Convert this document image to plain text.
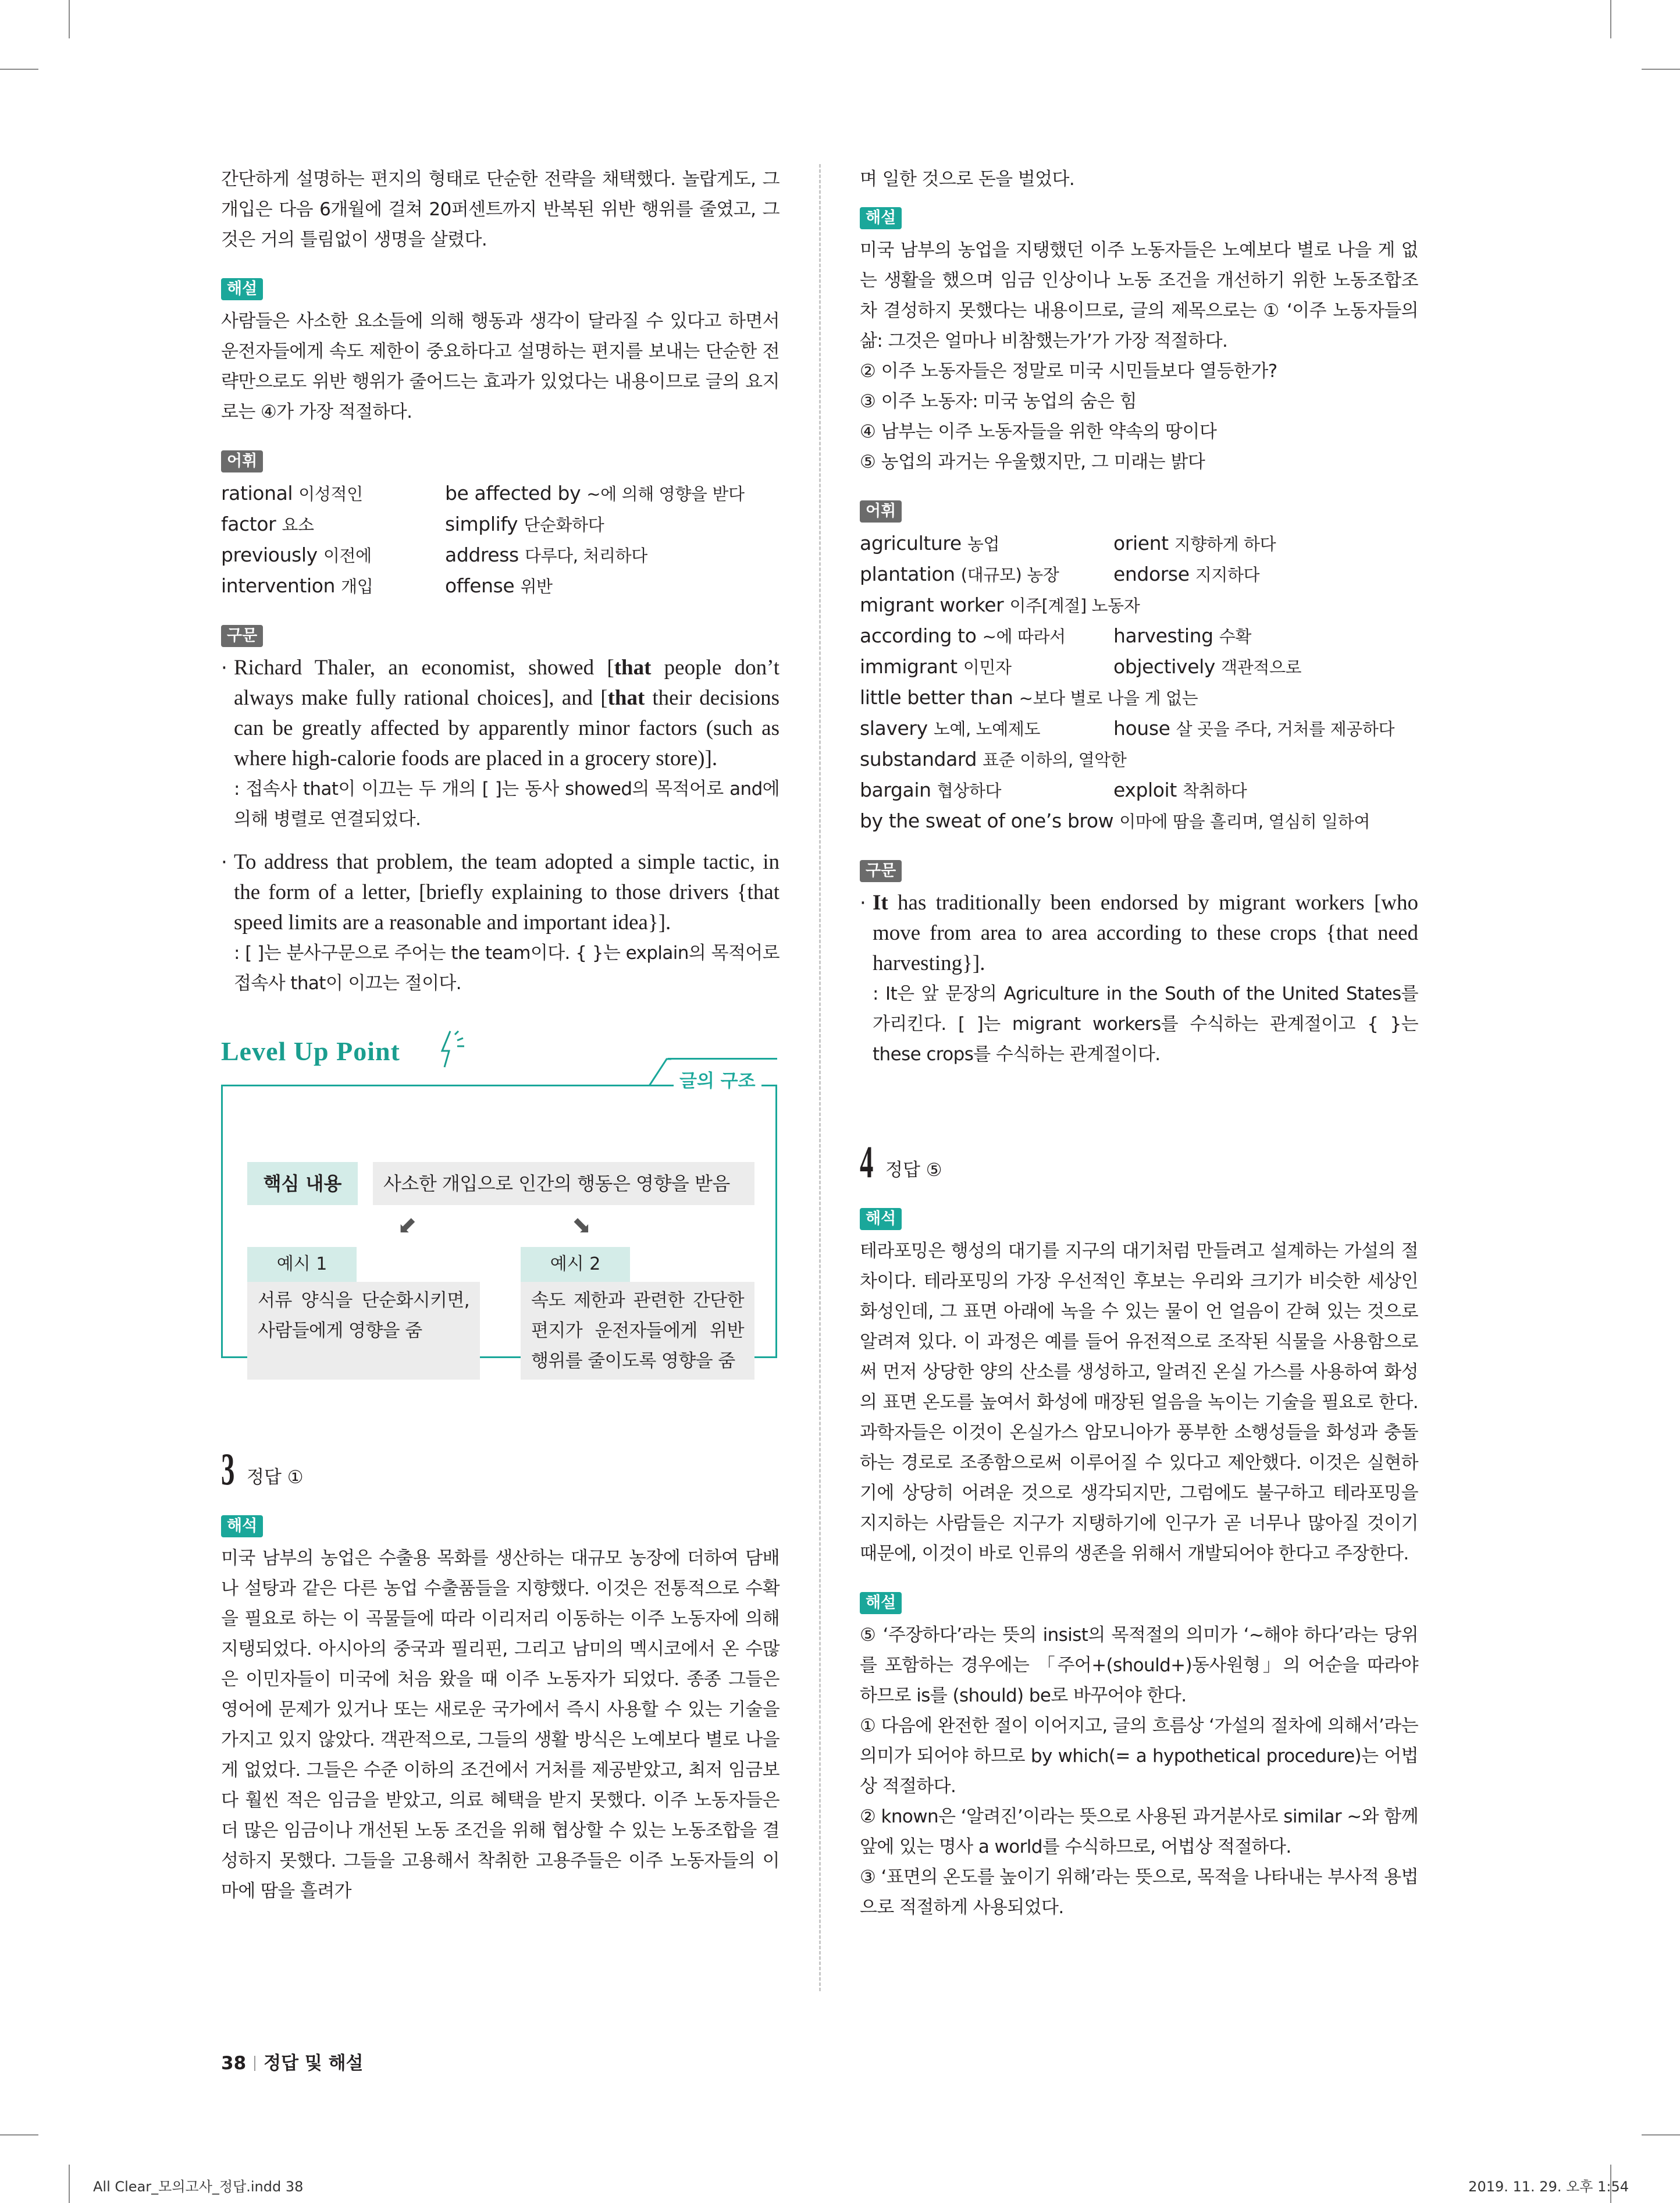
간단하게 설명하는 편지의 형태로 단순한 전략을 채택했다. 놀랍게도, 그 개입은 다음 6개월에 걸쳐 20퍼센트까지 반복된 위반 행위를 줄였고, 그것은 거의 틀림없이 생명을 살렸다.

해설

사람들은 사소한 요소들에 의해 행동과 생각이 달라질 수 있다고 하면서 운전자들에게 속도 제한이 중요하다고 설명하는 편지를 보내는 단순한 전략만으로도 위반 행위가 줄어드는 효과가 있었다는 내용이므로 글의 요지로는 ④가 가장 적절하다.

어휘
rational 이성적인	be affected by ~에 의해 영향을 받다
factor 요소	simplify 단순화하다
previously 이전에	address 다루다, 처리하다
intervention 개입	offense 위반
구문
· Richard Thaler, an economist, showed [that people don’t always make fully rational choices], and [that their decisions can be greatly affected by apparently minor factors (such as where high-calorie foods are placed in a grocery store)].

: 접속사 that이 이끄는 두 개의 [ ]는 동사 showed의 목적어로 and에 의해 병렬로 연결되었다.

· To address that problem, the team adopted a simple tactic, in the form of a letter, [briefly explaining to those drivers {that speed limits are a reasonable and important idea}].

: [ ]는 분사구문으로 주어는 the team이다. { }는 explain의 목적어로 접속사 that이 이끄는 절이다.

Level Up Point
핵심 내용	사소한 개입으로 인간의 행동은 영향을 받음
⬋	⬊
예시 1
서류 양식을 단순화시키면, 사람들에게 영향을 줌
예시 2
속도 제한과 관련한 간단한 편지가 운전자들에게 위반 행위를 줄이도록 영향을 줌
글의 구조
3 정답 ①
해석

미국 남부의 농업은 수출용 목화를 생산하는 대규모 농장에 더하여 담배나 설탕과 같은 다른 농업 수출품들을 지향했다. 이것은 전통적으로 수확을 필요로 하는 이 곡물들에 따라 이리저리 이동하는 이주 노동자에 의해 지탱되었다. 아시아의 중국과 필리핀, 그리고 남미의 멕시코에서 온 수많은 이민자들이 미국에 처음 왔을 때 이주 노동자가 되었다. 종종 그들은 영어에 문제가 있거나 또는 새로운 국가에서 즉시 사용할 수 있는 기술을 가지고 있지 않았다. 객관적으로, 그들의 생활 방식은 노예보다 별로 나을 게 없었다. 그들은 수준 이하의 조건에서 거처를 제공받았고, 최저 임금보다 훨씬 적은 임금을 받았고, 의료 혜택을 받지 못했다. 이주 노동자들은 더 많은 임금이나 개선된 노동 조건을 위해 협상할 수 있는 노동조합을 결성하지 못했다. 그들을 고용해서 착취한 고용주들은 이주 노동자들의 이마에 땀을 흘려가

며 일한 것으로 돈을 벌었다.

해설

미국 남부의 농업을 지탱했던 이주 노동자들은 노예보다 별로 나을 게 없는 생활을 했으며 임금 인상이나 노동 조건을 개선하기 위한 노동조합조차 결성하지 못했다는 내용이므로, 글의 제목으로는 ① ‘이주 노동자들의 삶: 그것은 얼마나 비참했는가’가 가장 적절하다.

② 이주 노동자들은 정말로 미국 시민들보다 열등한가?

③ 이주 노동자: 미국 농업의 숨은 힘

④ 남부는 이주 노동자들을 위한 약속의 땅이다

⑤ 농업의 과거는 우울했지만, 그 미래는 밝다

어휘
agriculture 농업	orient 지향하게 하다
plantation (대규모) 농장	endorse 지지하다
migrant worker 이주[계절] 노동자
according to ~에 따라서	harvesting 수확
immigrant 이민자	objectively 객관적으로
little better than ~보다 별로 나을 게 없는
slavery 노예, 노예제도	house 살 곳을 주다, 거처를 제공하다
substandard 표준 이하의, 열악한
bargain 협상하다	exploit 착취하다
by the sweat of one’s brow 이마에 땀을 흘리며, 열심히 일하여
구문
· It has traditionally been endorsed by migrant workers [who move from area to area according to these crops {that need harvesting}].

: It은 앞 문장의 Agriculture in the South of the United States를 가리킨다. [ ]는 migrant workers를 수식하는 관계절이고 { }는 these crops를 수식하는 관계절이다.

4 정답 ⑤
해석

테라포밍은 행성의 대기를 지구의 대기처럼 만들려고 설계하는 가설의 절차이다. 테라포밍의 가장 우선적인 후보는 우리와 크기가 비슷한 세상인 화성인데, 그 표면 아래에 녹을 수 있는 물이 언 얼음이 갇혀 있는 것으로 알려져 있다. 이 과정은 예를 들어 유전적으로 조작된 식물을 사용함으로써 먼저 상당한 양의 산소를 생성하고, 알려진 온실 가스를 사용하여 화성의 표면 온도를 높여서 화성에 매장된 얼음을 녹이는 기술을 필요로 한다. 과학자들은 이것이 온실가스 암모니아가 풍부한 소행성들을 화성과 충돌하는 경로로 조종함으로써 이루어질 수 있다고 제안했다. 이것은 실현하기에 상당히 어려운 것으로 생각되지만, 그럼에도 불구하고 테라포밍을 지지하는 사람들은 지구가 지탱하기에 인구가 곧 너무나 많아질 것이기 때문에, 이것이 바로 인류의 생존을 위해서 개발되어야 한다고 주장한다.

해설

⑤ ‘주장하다’라는 뜻의 insist의 목적절의 의미가 ‘~해야 하다’라는 당위를 포함하는 경우에는 「주어+(should+)동사원형」의 어순을 따라야 하므로 is를 (should) be로 바꾸어야 한다.

① 다음에 완전한 절이 이어지고, 글의 흐름상 ‘가설의 절차에 의해서’라는 의미가 되어야 하므로 by which(= a hypothetical procedure)는 어법상 적절하다.

② known은 ‘알려진’이라는 뜻으로 사용된 과거분사로 similar ~와 함께 앞에 있는 명사 a world를 수식하므로, 어법상 적절하다.

③ ‘표면의 온도를 높이기 위해’라는 뜻으로, 목적을 나타내는 부사적 용법으로 적절하게 사용되었다.

38 정답 및 해설
All Clear_모의고사_정답.indd 38	2019. 11. 29. 오후 1:54
